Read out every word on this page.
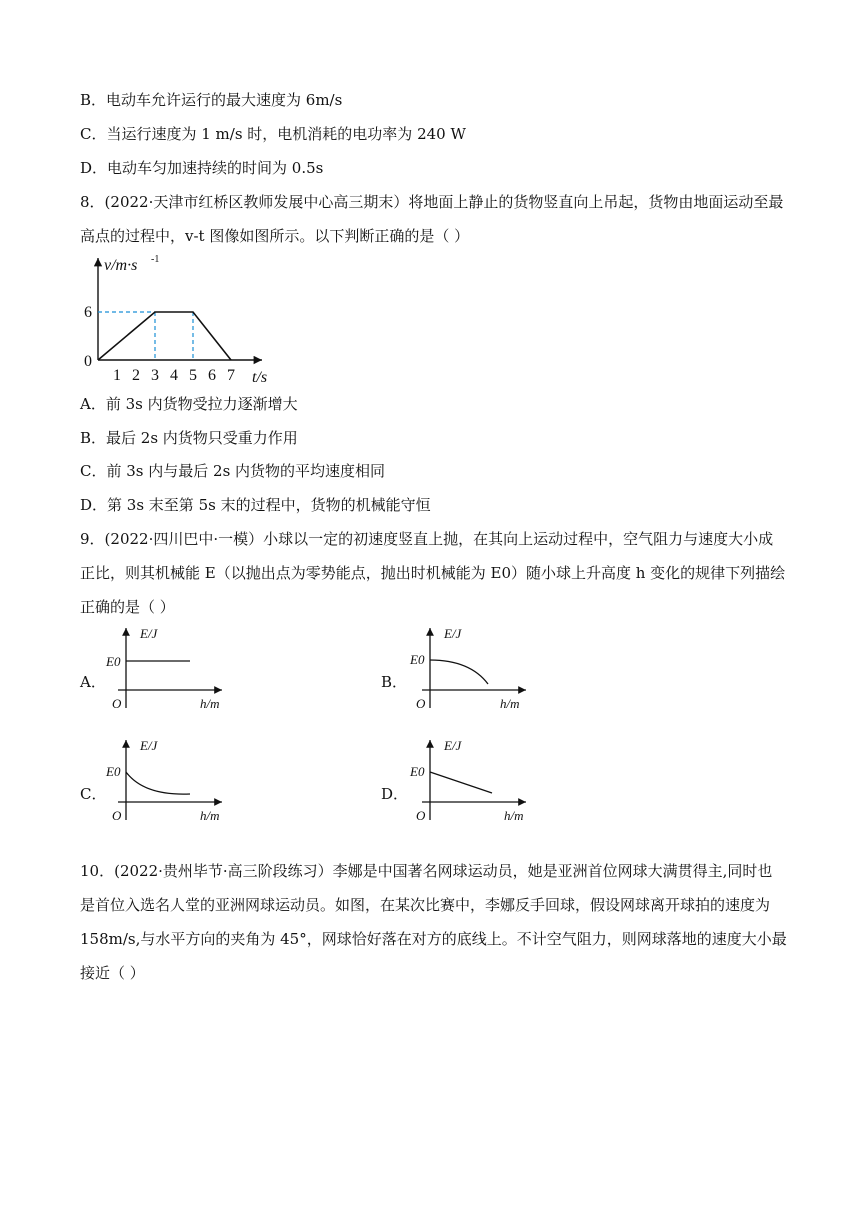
B．电动车允许运行的最大速度为 6m/s
C．当运行速度为 1 m/s 时，电机消耗的电功率为 240 W
D．电动车匀加速持续的时间为 0.5s
8．(2022·天津市红桥区教师发展中心高三期末）将地面上静止的货物竖直向上吊起，货物由地面运动至最
高点的过程中，v-t 图像如图所示。以下判断正确的是（ ）
1 2 3 4 5 6 7
v/m·s -1
t/s
0
6
A．前 3s 内货物受拉力逐渐增大
B．最后 2s 内货物只受重力作用
C．前 3s 内与最后 2s 内货物的平均速度相同
D．第 3s 末至第 5s 末的过程中，货物的机械能守恒
9．(2022·四川巴中·一模）小球以一定的初速度竖直上抛，在其向上运动过程中，空气阻力与速度大小成
正比，则其机械能 E（以抛出点为零势能点，抛出时机械能为 E0）随小球上升高度 h 变化的规律下列描绘
正确的是（ ）
A．
E/J
E0
O	h/m
B．
E/J
E0
O	h/m
C．
E/J
E0
O	h/m
D．
E/J
E0
O	h/m
10．(2022·贵州毕节·高三阶段练习）李娜是中国著名网球运动员，她是亚洲首位网球大满贯得主,同时也
是首位入选名人堂的亚洲网球运动员。如图，在某次比赛中，李娜反手回球，假设网球离开球拍的速度为
158m/s,与水平方向的夹角为 45°，网球恰好落在对方的底线上。不计空气阻力，则网球落地的速度大小最
接近（ ）
